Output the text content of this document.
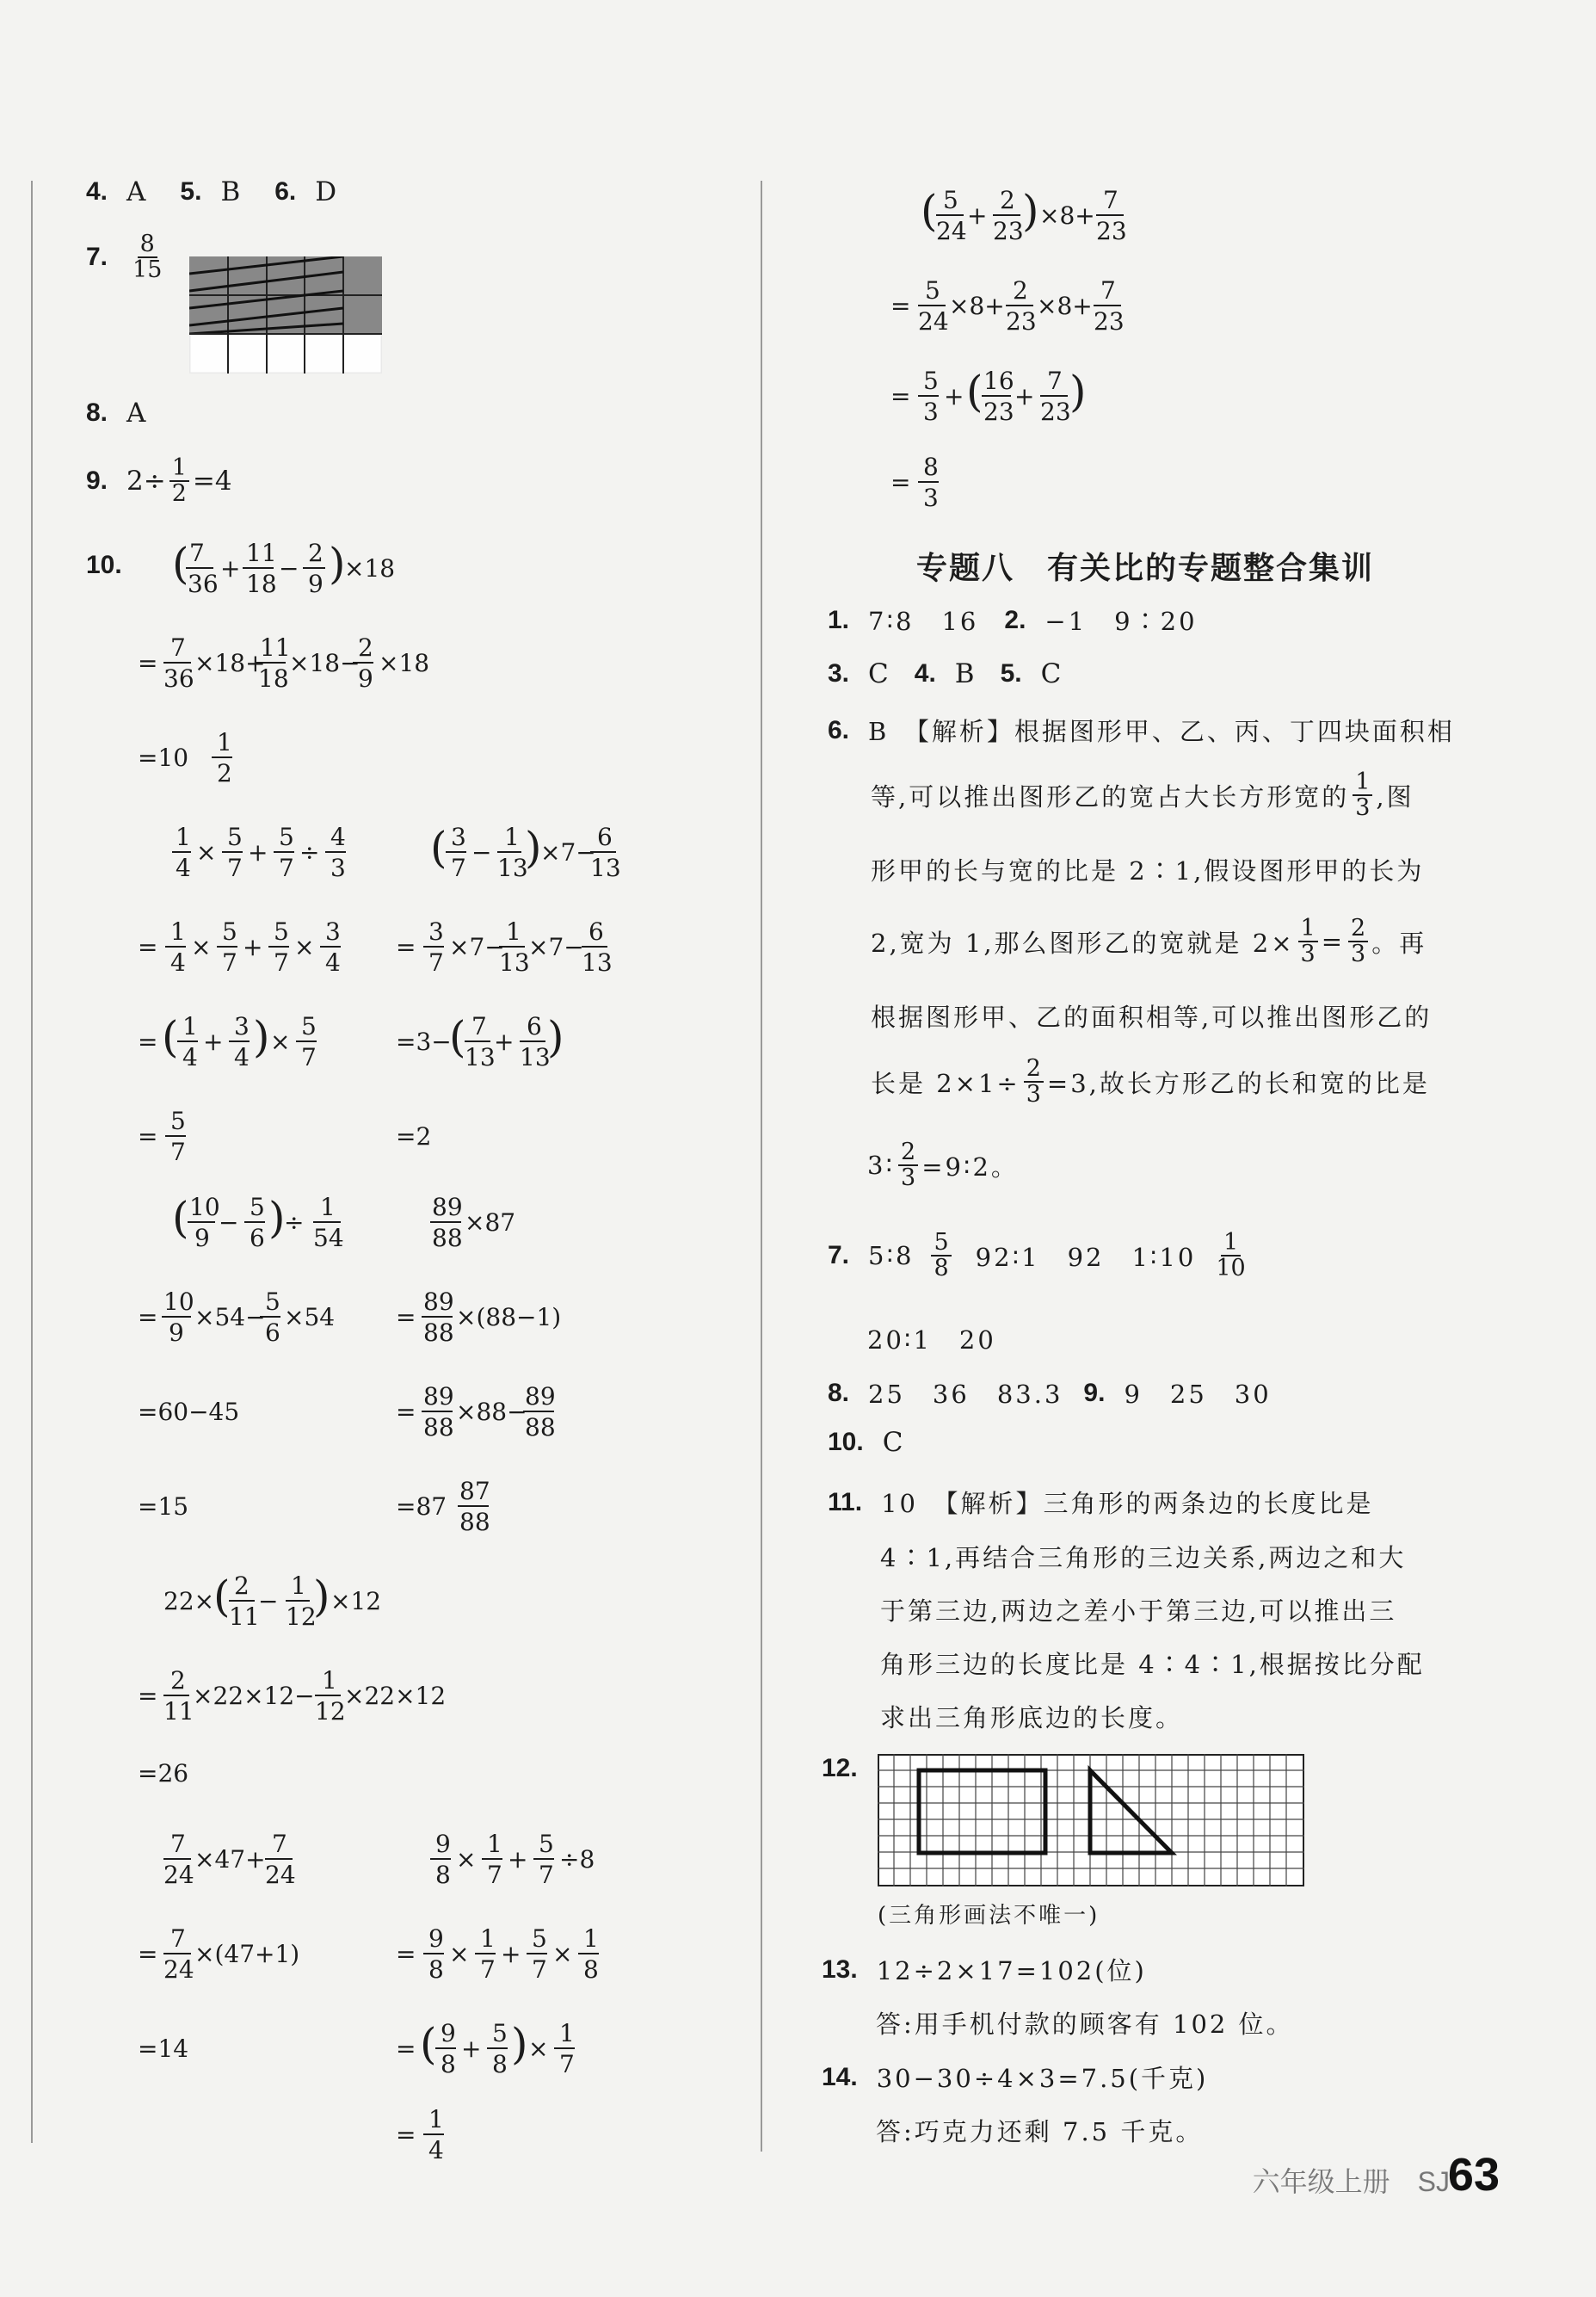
4. A 5. B 6. D
7. $\frac{8}{15}$
8. A
9. $2\div \frac{1}{2} =4$
10. ( 7
36
+
11
18
−
2
9 )
×18
=
7
36
×18+
11
18
×18−
2
9
×18
=10
1
2
1
4
×
5
7
+
5
7
÷
4
3 ( 3
7
−
1
13
)
×7−
6
13
=
1
4
×
5
7
+
5
7
×
3
4
=
3
7
×7−
1
13
×7−
6
13
= ( 1
4
+
3
4 ) ×
5
7
=3−
( 7
13
+
6
13
)
=
5
7
=2
( 10
9
−
5
6 )
÷
1
54
89
88
×87
=
10
9
×54−
5
6
×54	=
89
88
×(88−1)
=60−45	=
89
88
×88−
89
88
=15	=87
87
88
22×
( 2
11
−
1
12
) ×12
=
2
11
×22×12−
1
12
×22×12
=26
7
24
×47+
7
24
9
8
×
1
7
+
5
7
÷8
=
7
24
×(47+1)	=
9
8
×
1
7
+
5
7
×
1
8
=14	= ( 9
8
+
5
8 ) ×
1
7
=
1
4
( 5
24
+
2
23
) ×8+
7
23
=
5
24
×8+
2
23
×8+
7
23
=
5
3
+ ( 16
23
+
7
23
)
=
8
3
专题八　有关比的专题整合集训
1. 7∶8　16 2. −1　9∶20
3. C 4. B 5. C
6. B　【解析】根据图形甲、乙、丙、丁四块面积相
等,可以推出图形乙的宽占大长方形宽的 $\frac{1}{3}$ ,图
形甲的长与宽的比是 2∶1,假设图形甲的长为
2,宽为 1,那么图形乙的宽就是 $2\times \frac{1}{3} = \frac{2}{3}$ 。再
根据图形甲、乙的面积相等,可以推出图形乙的
长是 $2\times 1\div \frac{2}{3} =3$,故长方形乙的长和宽的比是
3∶ $\frac{2}{3}$ =9∶2。
7. 5∶8 $\frac{5}{8}$ 92∶1　92　1∶10 $\frac{1}{10}$
20∶1　20
8. 25　36　83.3 9. 9　25　30
10. C
11. 10　【解析】三角形的两条边的长度比是
4∶1,再结合三角形的三边关系,两边之和大
于第三边,两边之差小于第三边,可以推出三
角形三边的长度比是 4∶4∶1,根据按比分配
求出三角形底边的长度。
12.
(三角形画法不唯一)
13. 12÷2×17=102(位)
答:用手机付款的顾客有 102 位。
14. 30−30÷4×3=7.5(千克)
答:巧克力还剩 7.5 千克。
六年级上册　SJ
63
